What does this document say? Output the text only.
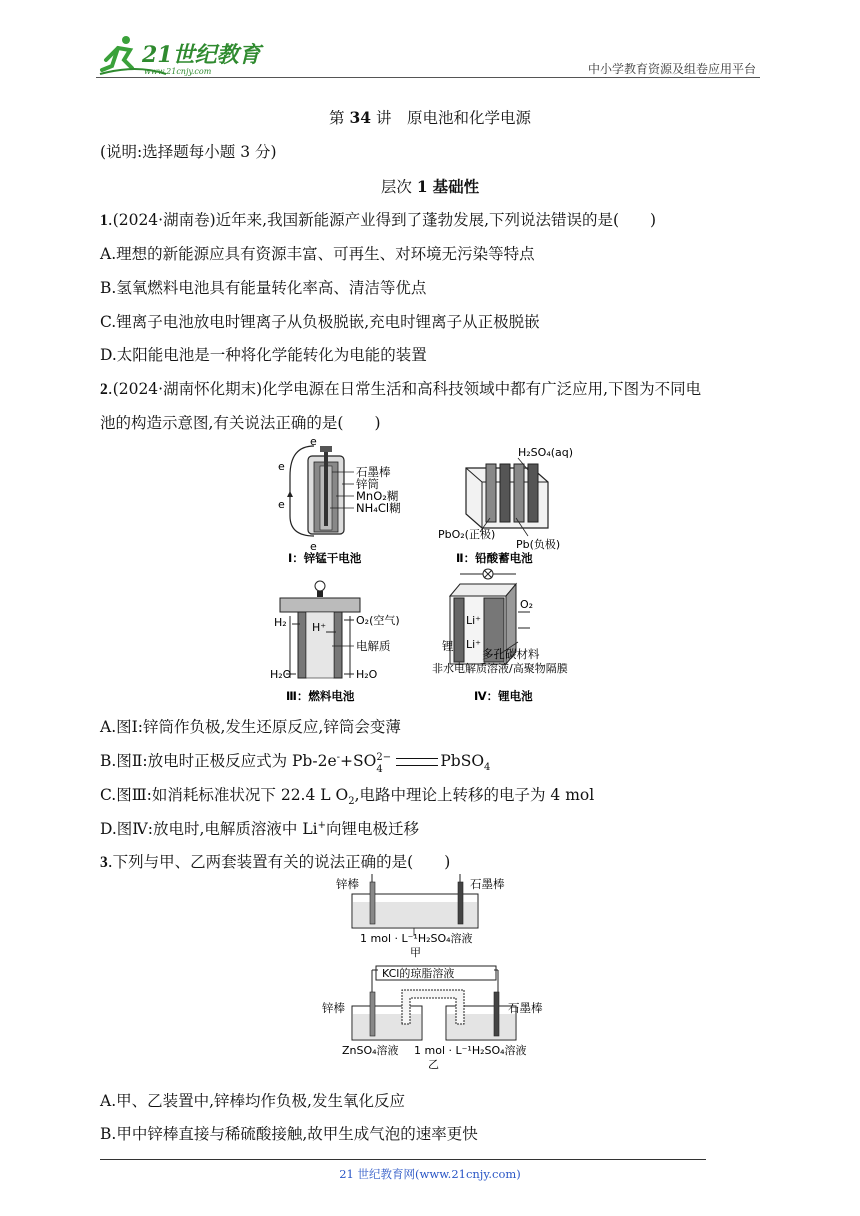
21世纪教育
www.21cnjy.com	中小学教育资源及组卷应用平台
第 34 讲　原电池和化学电源
(说明:选择题每小题 3 分)
层次 1 基础性
1.(2024·湖南卷)近年来,我国新能源产业得到了蓬勃发展,下列说法错误的是(　　)
A.理想的新能源应具有资源丰富、可再生、对环境无污染等特点
B.氢氧燃料电池具有能量转化率高、清洁等优点
C.锂离子电池放电时锂离子从负极脱嵌,充电时锂离子从正极脱嵌
D.太阳能电池是一种将化学能转化为电能的装置
2.(2024·湖南怀化期末)化学电源在日常生活和高科技领域中都有广泛应用,下图为不同电
池的构造示意图,有关说法正确的是(　　)
e
e
e
e
石墨棒
锌筒
MnO₂糊
NH₄Cl糊
Ⅰ：锌锰干电池
H₂SO₄(aq)
PbO₂(正极)
Pb(负极)
Ⅱ：铅酸蓄电池
H₂ H⁺
O₂(空气)
电解质
H₂O	H₂O
Ⅲ：燃料电池
O₂
锂
Li⁺
Li⁺
多孔碳材料
非水电解质溶液/高聚物隔膜
Ⅳ：锂电池
A.图Ⅰ:锌筒作负极,发生还原反应,锌筒会变薄
B.图Ⅱ:放电时正极反应式为 Pb-2e-+SO 2−
4	PbSO$_4$
C.图Ⅲ:如消耗标准状况下 22.4 L $O_2$,电路中理论上转移的电子为 4 mol
D.图Ⅳ:放电时,电解质溶液中 Li+向锂电极迁移
3.下列与甲、乙两套装置有关的说法正确的是(　　)
锌棒	石墨棒
1 mol · L⁻¹H₂SO₄溶液
甲
KCl的琼脂溶液
锌棒	石墨棒
ZnSO₄溶液 1 mol · L⁻¹H₂SO₄溶液
乙
A.甲、乙装置中,锌棒均作负极,发生氧化反应
B.甲中锌棒直接与稀硫酸接触,故甲生成气泡的速率更快
21 世纪教育网(www.21cnjy.com)
